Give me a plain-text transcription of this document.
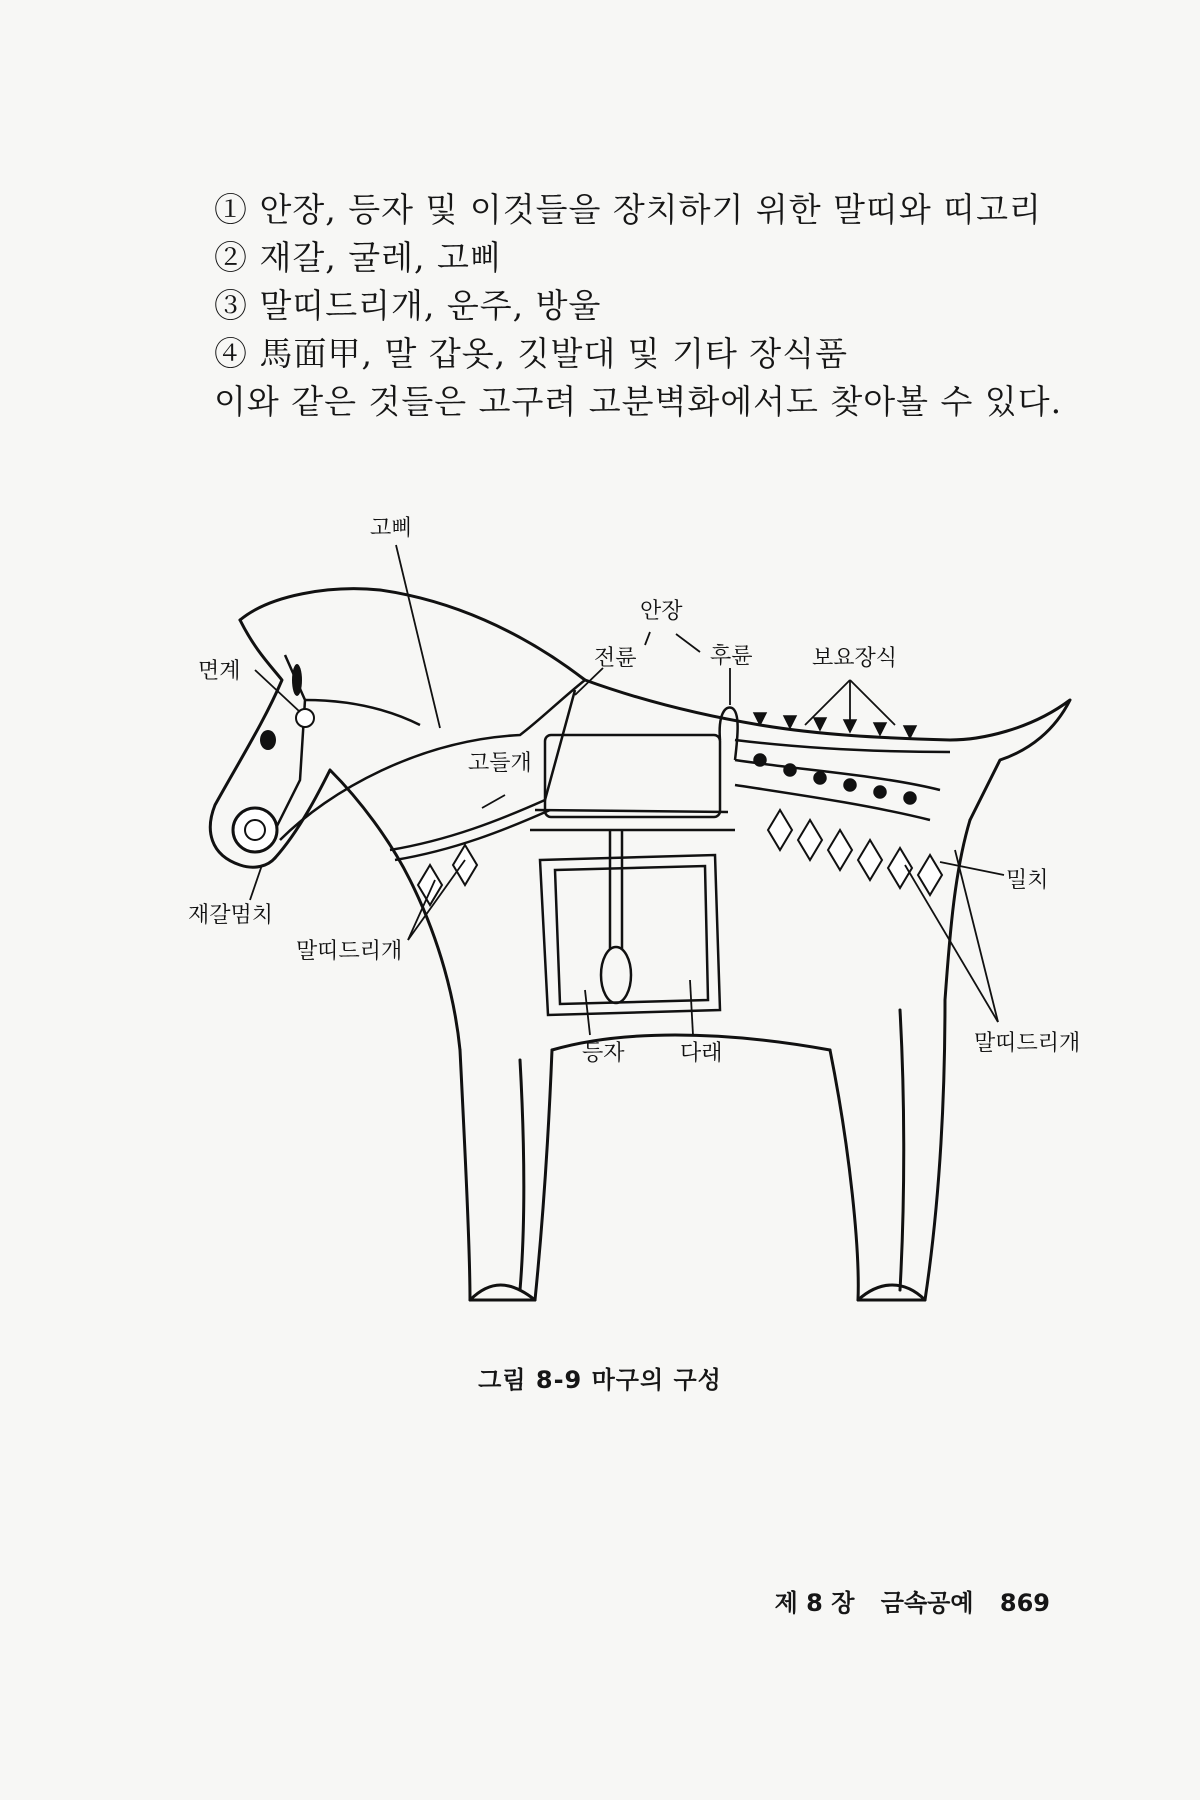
① 안장, 등자 및 이것들을 장치하기 위한 말띠와 띠고리
② 재갈, 굴레, 고삐
③ 말띠드리개, 운주, 방울
④ 馬面甲, 말 갑옷, 깃발대 및 기타 장식품
이와 같은 것들은 고구려 고분벽화에서도 찾아볼 수 있다.
고삐
면계
재갈멈치
말띠드리개
고들개
안장
전륜	후륜	보요장식
밀치
말띠드리개
등자	다래
그림 8-9 마구의 구성
제 8 장 금속공예 869
